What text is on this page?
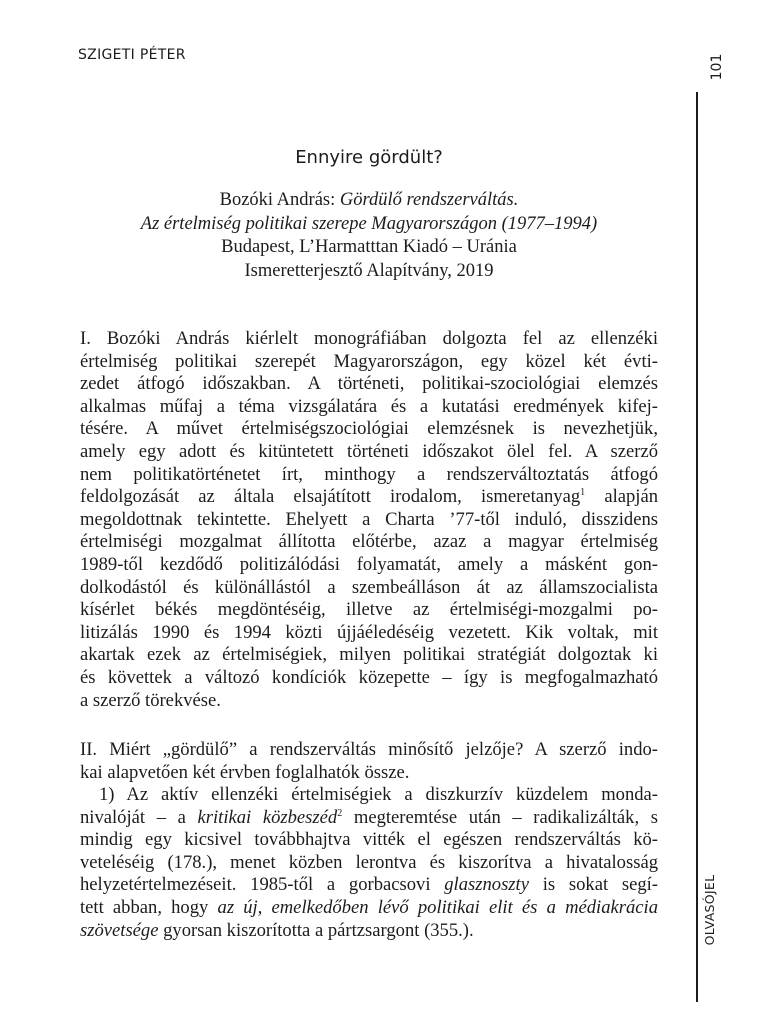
SZIGETI PÉTER	101
OLVASÓJEL
Ennyire gördült?
Bozóki András: Gördülő rendszerváltás.
Az értelmiség politikai szerepe Magyarországon (1977–1994)
Budapest, L’Harmatttan Kiadó – Uránia
Ismeretterjesztő Alapítvány, 2019
I. Bozóki András kiérlelt monográfiában dolgozta fel az ellenzéki
értelmiség politikai szerepét Magyarországon, egy közel két évti-
zedet átfogó időszakban. A történeti, politikai-szociológiai elemzés
alkalmas műfaj a téma vizsgálatára és a kutatási eredmények kifej-
tésére. A művet értelmiségszociológiai elemzésnek is nevezhetjük,
amely egy adott és kitüntetett történeti időszakot ölel fel. A szerző
nem politikatörténetet írt, minthogy a rendszerváltoztatás átfogó
feldolgozását az általa elsajátított irodalom, ismeretanyag$^1$ alapján
megoldottnak tekintette. Ehelyett a Charta ’77-től induló, disszidens
értelmiségi mozgalmat állította előtérbe, azaz a magyar értelmiség
1989-től kezdődő politizálódási folyamatát, amely a másként gon-
dolkodástól és különállástól a szembeálláson át az államszocialista
kísérlet békés megdöntéséig, illetve az értelmiségi-mozgalmi po-
litizálás 1990 és 1994 közti újjáéledéséig vezetett. Kik voltak, mit
akartak ezek az értelmiségiek, milyen politikai stratégiát dolgoztak ki
és követtek a változó kondíciók közepette – így is megfogalmazható
a szerző törekvése.
II. Miért „gördülő” a rendszerváltás minősítő jelzője? A szerző indo-
kai alapvetően két érvben foglalhatók össze.
1) Az aktív ellenzéki értelmiségiek a diszkurzív küzdelem monda-
nivalóját – a kritikai közbeszéd$^2$ megteremtése után – radikalizálták, s
mindig egy kicsivel továbbhajtva vitték el egészen rendszerváltás kö-
veteléséig (178.), menet közben lerontva és kiszorítva a hivatalosság
helyzetértelmezéseit. 1985-től a gorbacsovi glasznoszty is sokat segí-
tett abban, hogy az új, emelkedőben lévő politikai elit és a médiakrácia
szövetsége gyorsan kiszorította a pártzsargont (355.).
